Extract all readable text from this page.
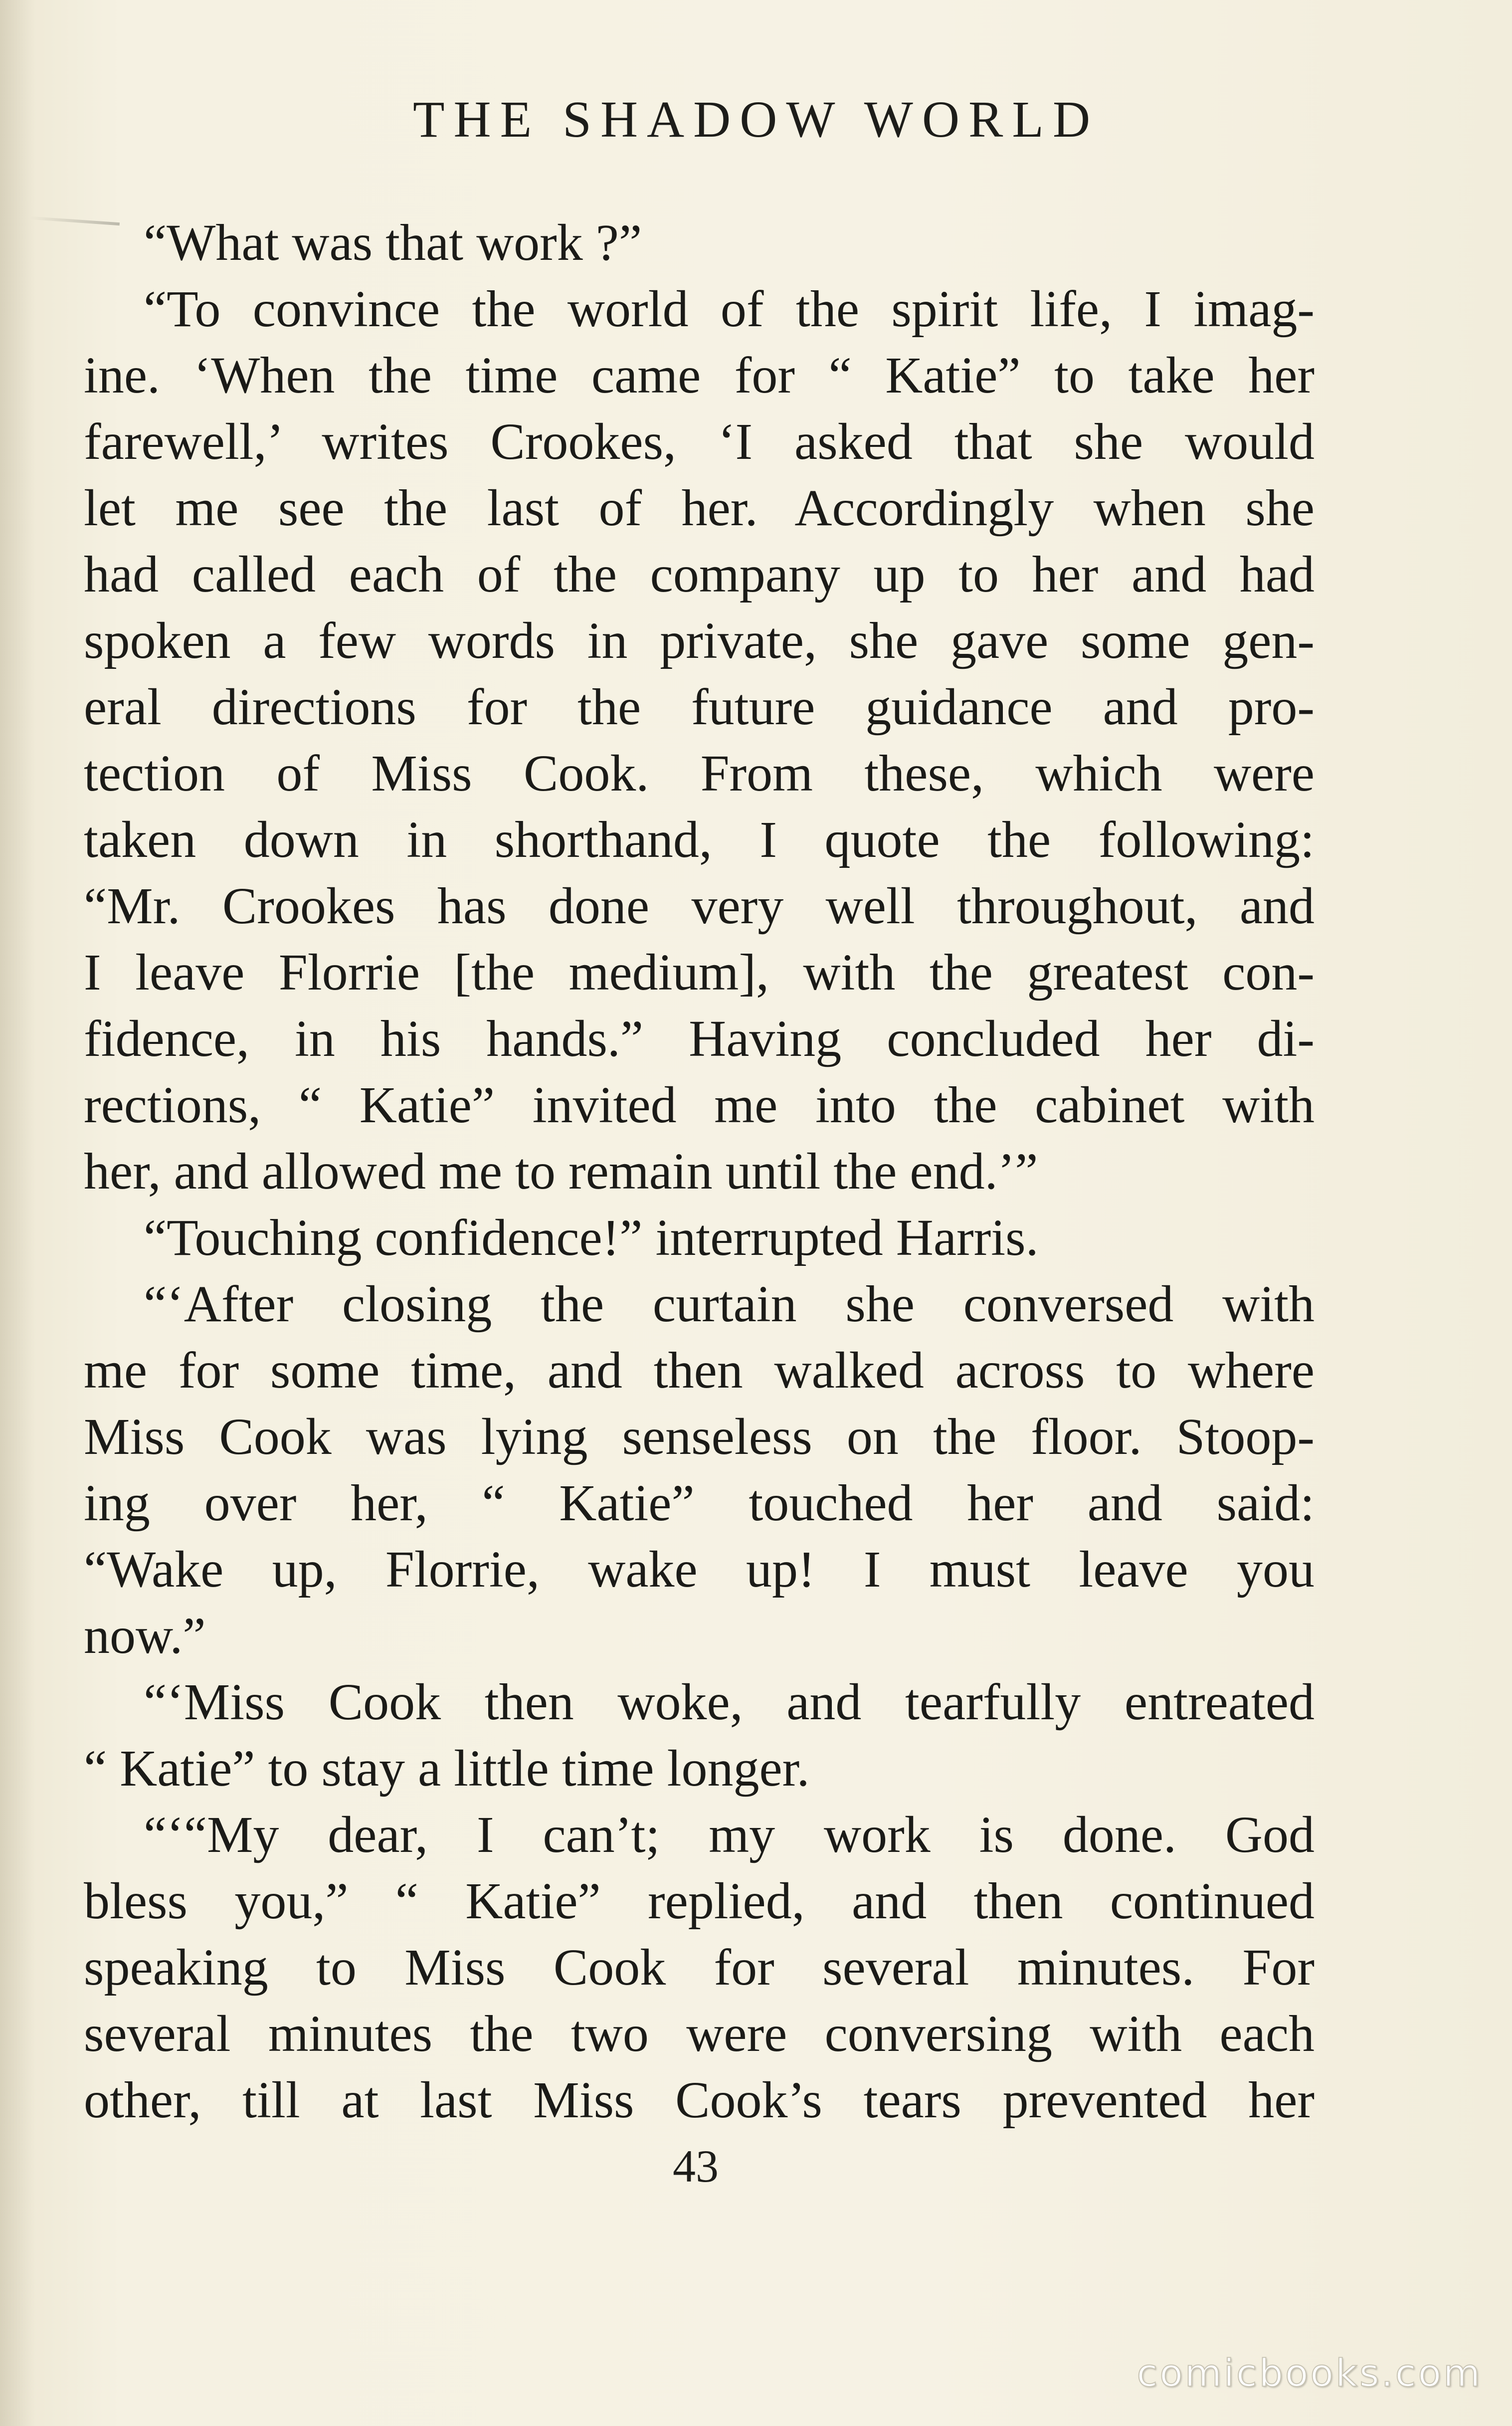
THE SHADOW WORLD
“What was that work ?”
“To convince the world of the spirit life, I imag-
ine. ‘When the time came for “ Katie” to take her
farewell,’ writes Crookes, ‘I asked that she would
let me see the last of her. Accordingly when she
had called each of the company up to her and had
spoken a few words in private, she gave some gen-
eral directions for the future guidance and pro-
tection of Miss Cook. From these, which were
taken down in shorthand, I quote the following:
“Mr. Crookes has done very well throughout, and
I leave Florrie [the medium], with the greatest con-
fidence, in his hands.” Having concluded her di-
rections, “ Katie” invited me into the cabinet with
her, and allowed me to remain until the end.’”
“Touching confidence!” interrupted Harris.
“‘After closing the curtain she conversed with
me for some time, and then walked across to where
Miss Cook was lying senseless on the floor. Stoop-
ing over her, “ Katie” touched her and said:
“Wake up, Florrie, wake up! I must leave you
now.”
“‘Miss Cook then woke, and tearfully entreated
“ Katie” to stay a little time longer.
“‘“My dear, I can’t; my work is done. God
bless you,” “ Katie” replied, and then continued
speaking to Miss Cook for several minutes. For
several minutes the two were conversing with each
other, till at last Miss Cook’s tears prevented her
43
comicbooks.com
